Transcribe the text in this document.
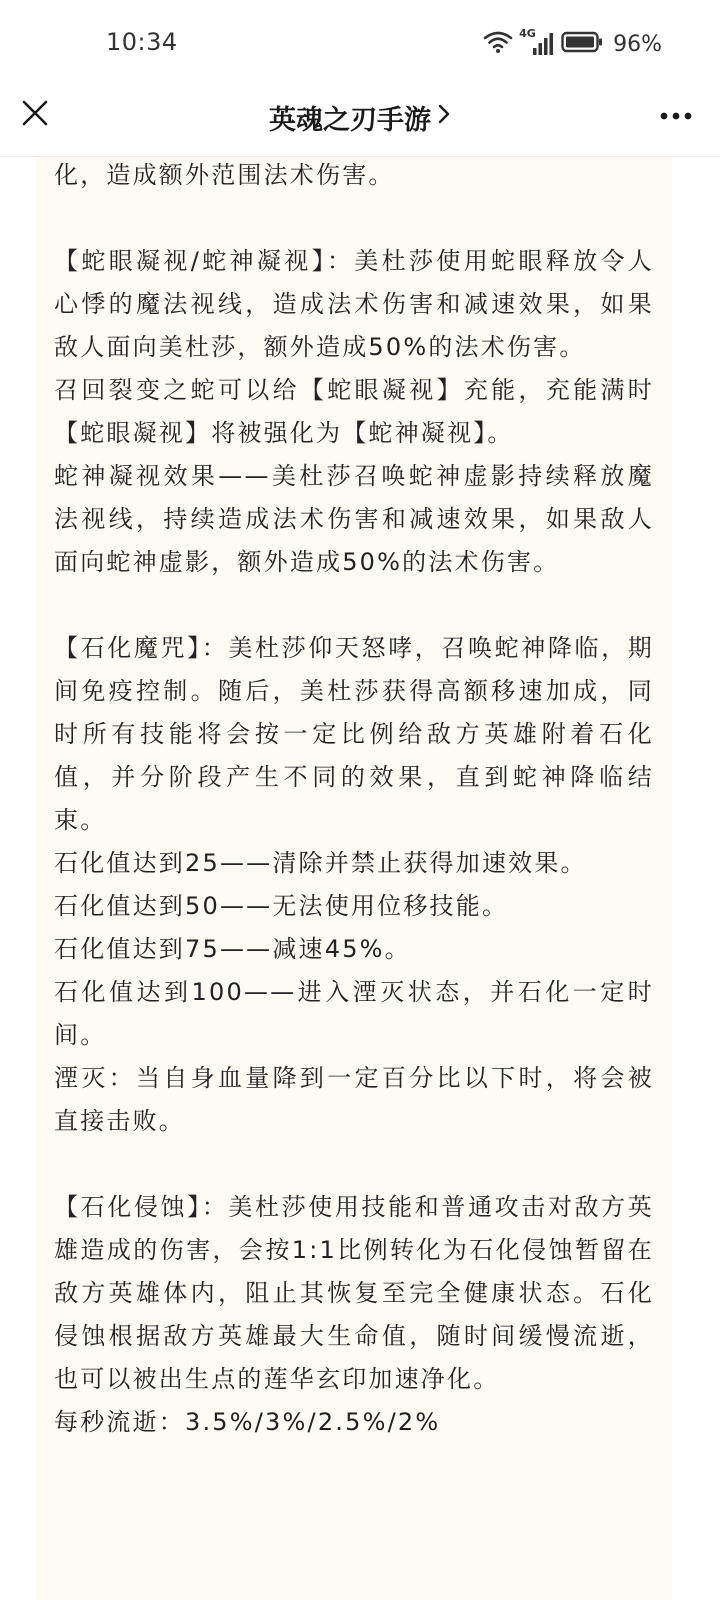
10:34	4G	96%
英魂之刃手游

化，造成额外范围法术伤害。

【蛇眼凝视/蛇神凝视】：美杜莎使用蛇眼释放令人心悸的魔法视线，造成法术伤害和减速效果，如果敌人面向美杜莎，额外造成50%的法术伤害。

召回裂变之蛇可以给【蛇眼凝视】充能，充能满时【蛇眼凝视】将被强化为【蛇神凝视】。

蛇神凝视效果——美杜莎召唤蛇神虚影持续释放魔法视线，持续造成法术伤害和减速效果，如果敌人面向蛇神虚影，额外造成50%的法术伤害。

【石化魔咒】：美杜莎仰天怒哮，召唤蛇神降临，期间免疫控制。随后，美杜莎获得高额移速加成，同时所有技能将会按一定比例给敌方英雄附着石化值，并分阶段产生不同的效果，直到蛇神降临结束。

石化值达到25——清除并禁止获得加速效果。

石化值达到50——无法使用位移技能。

石化值达到75——减速45%。

石化值达到100——进入湮灭状态，并石化一定时间。

湮灭：当自身血量降到一定百分比以下时，将会被直接击败。

【石化侵蚀】：美杜莎使用技能和普通攻击对敌方英雄造成的伤害，会按1:1比例转化为石化侵蚀暂留在敌方英雄体内，阻止其恢复至完全健康状态。石化侵蚀根据敌方英雄最大生命值，随时间缓慢流逝，也可以被出生点的莲华玄印加速净化。

每秒流逝：3.5%/3%/2.5%/2%
